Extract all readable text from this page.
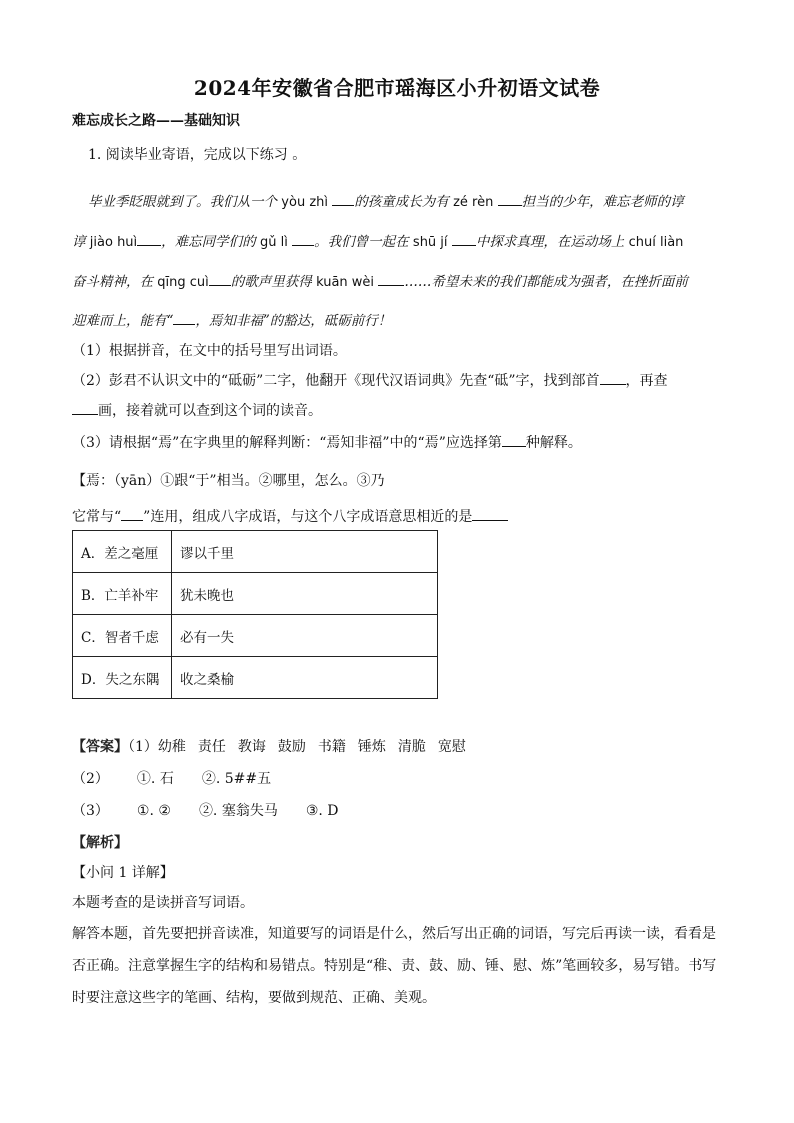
2024年安徽省合肥市瑶海区小升初语文试卷
难忘成长之路——基础知识
1. 阅读毕业寄语，完成以下练习 。
毕业季眨眼就到了。我们从一个 yòu zhì 的孩童成长为有 zé rèn 担当的少年，难忘老师的谆
谆 jiào huì ，难忘同学们的 gǔ lì 。我们曾一起在 shū jí 中探求真理，在运动场上 chuí liàn
奋斗精神，在 qīng cuì 的歌声里获得 kuān wèi ……希望未来的我们都能成为强者，在挫折面前
迎难而上，能有“ ，焉知非福”的豁达，砥砺前行！
（1）根据拼音，在文中的括号里写出词语。
（2）彭君不认识文中的“砥砺”二字，他翻开《现代汉语词典》先查“砥”字，找到部首 ，再查
画，接着就可以查到这个词的读音。
（3）请根据“焉”在字典里的解释判断：“焉知非福”中的“焉”应选择第 种解释。
【焉：（yān）①跟“于”相当。②哪里，怎么。③乃
它常与“ ”连用，组成八字成语，与这个八字成语意思相近的是
A．差之毫厘	谬以千里
B．亡羊补牢	犹未晚也
C．智者千虑	必有一失
D．失之东隅	收之桑榆
【答案】（1）幼稚 责任 教诲 鼓励 书籍 锤炼 清脆 宽慰
（2） ①. 石 ②. 5##五
（3） ①. ② ②. 塞翁失马 ③. D
【解析】
【小问 1 详解】
本题考查的是读拼音写词语。
解答本题，首先要把拼音读准，知道要写的词语是什么，然后写出正确的词语，写完后再读一读，看看是否正确。注意掌握生字的结构和易错点。特别是“稚、责、鼓、励、锤、慰、炼”笔画较多，易写错。书写时要注意这些字的笔画、结构，要做到规范、正确、美观。
